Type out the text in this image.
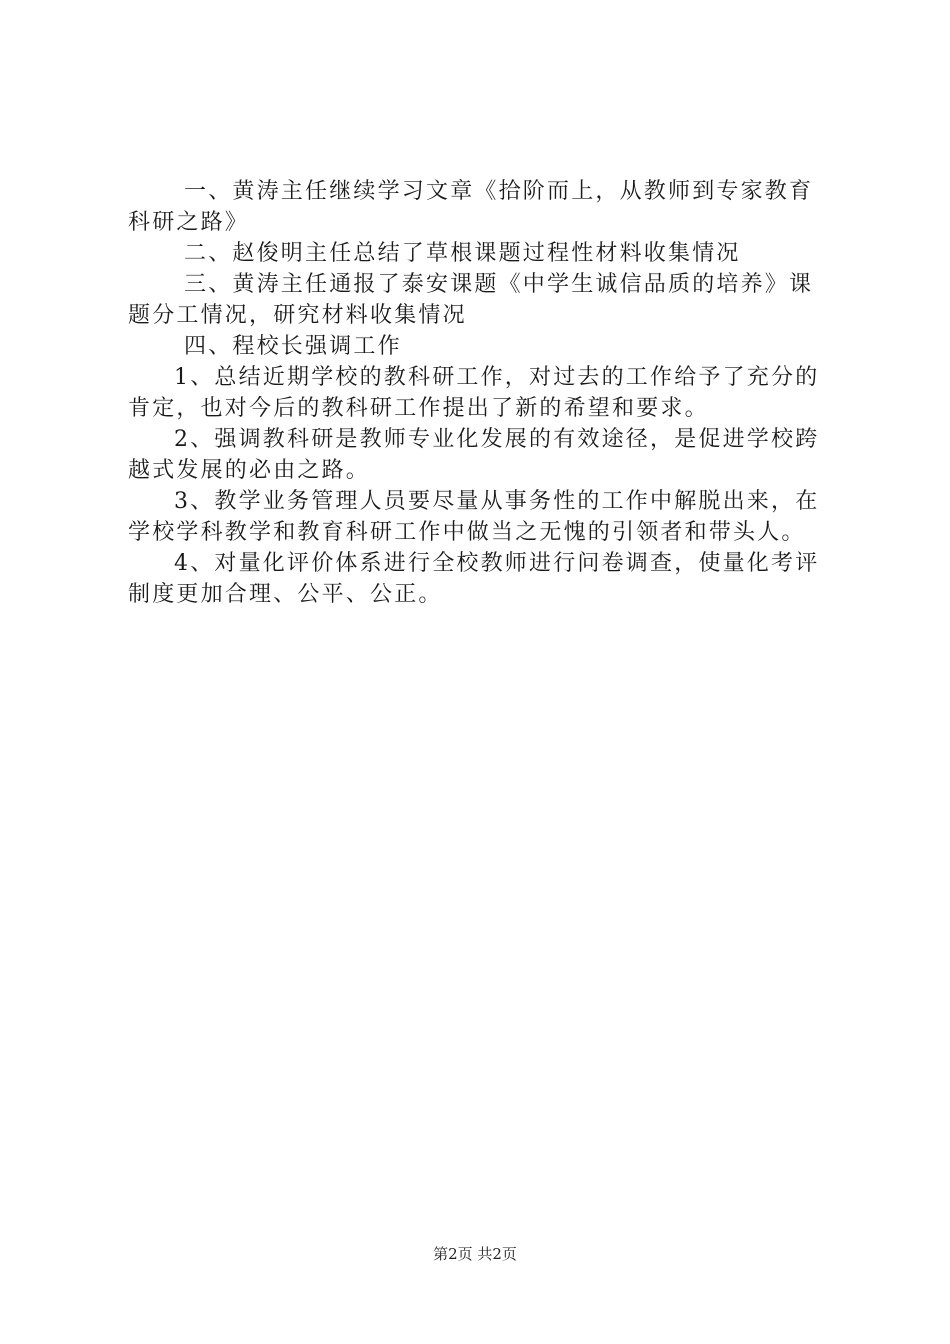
一、黄涛主任继续学习文章《拾阶而上，从教师到专家教育科研之路》

二、赵俊明主任总结了草根课题过程性材料收集情况

三、黄涛主任通报了泰安课题《中学生诚信品质的培养》课题分工情况，研究材料收集情况

四、程校长强调工作

1、总结近期学校的教科研工作，对过去的工作给予了充分的肯定，也对今后的教科研工作提出了新的希望和要求。

2、强调教科研是教师专业化发展的有效途径，是促进学校跨越式发展的必由之路。

3、教学业务管理人员要尽量从事务性的工作中解脱出来，在学校学科教学和教育科研工作中做当之无愧的引领者和带头人。

4、对量化评价体系进行全校教师进行问卷调查，使量化考评制度更加合理、公平、公正。

第2页 共2页
